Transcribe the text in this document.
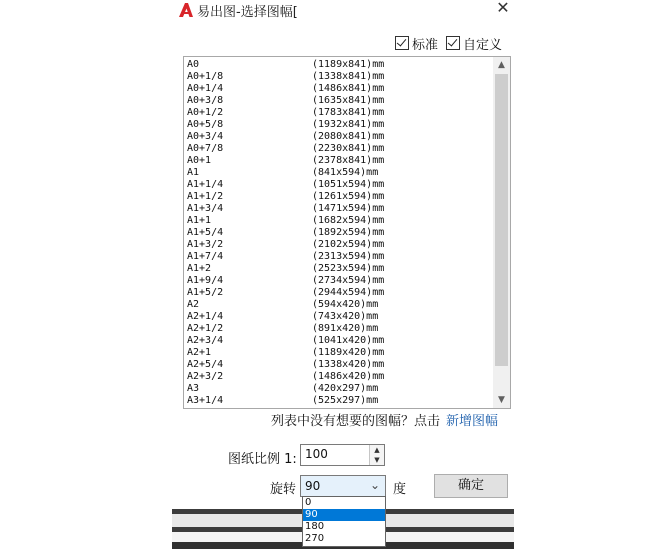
易出图-选择图幅[	✕
标准 自定义
A0	(1189x841)mm
A0+1/8	(1338x841)mm
A0+1/4	(1486x841)mm
A0+3/8	(1635x841)mm
A0+1/2	(1783x841)mm
A0+5/8	(1932x841)mm
A0+3/4	(2080x841)mm
A0+7/8	(2230x841)mm
A0+1	(2378x841)mm
A1	(841x594)mm
A1+1/4	(1051x594)mm
A1+1/2	(1261x594)mm
A1+3/4	(1471x594)mm
A1+1	(1682x594)mm
A1+5/4	(1892x594)mm
A1+3/2	(2102x594)mm
A1+7/4	(2313x594)mm
A1+2	(2523x594)mm
A1+9/4	(2734x594)mm
A1+5/2	(2944x594)mm
A2	(594x420)mm
A2+1/4	(743x420)mm
A2+1/2	(891x420)mm
A2+3/4	(1041x420)mm
A2+1	(1189x420)mm
A2+5/4	(1338x420)mm
A2+3/2	(1486x420)mm
A3	(420x297)mm
A3+1/4	(525x297)mm
▲
▼
列表中没有想要的图幅？点击 新增图幅
图纸比例 1: 100	▲
▼
旋转 90	⌄ 度	确定
0
90
180
270
